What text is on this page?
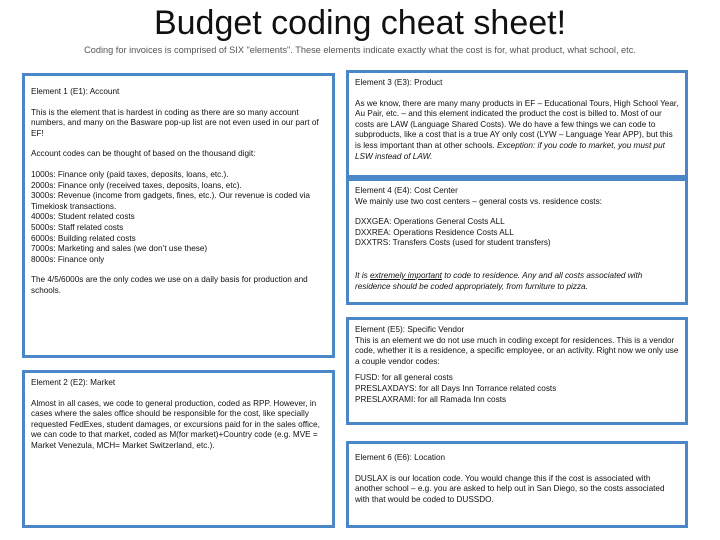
Budget coding cheat sheet!
Coding for invoices is comprised of SIX "elements". These elements indicate exactly what the cost is for, what product, what school, etc.

Element 1 (E1): Account

This is the element that is hardest in coding as there are so many account numbers, and many on the Basware pop-up list are not even used in our part of EF!

Account codes can be thought of based on the thousand digit:

1000s: Finance only (paid taxes, deposits, loans, etc.).

2000s: Finance only (received taxes, deposits, loans, etc).

3000s: Revenue (income from gadgets, fines, etc.). Our revenue is coded via Timekiosk transactions.

4000s: Student related costs

5000s: Staff related costs

6000s: Building related costs

7000s: Marketing and sales (we don’t use these)

8000s: Finance only

The 4/5/6000s are the only codes we use on a daily basis for production and schools.

Element 2 (E2): Market

Almost in all cases, we code to general production, coded as RPP. However, in cases where the sales office should be responsible for the cost, like specially requested FedExes, student damages, or excursions paid for in the sales office, we can code to that market, coded as M(for market)+Country code (e.g. MVE = Market Venezula, MCH= Market Switzerland, etc.).

Element 3 (E3): Product

As we know, there are many many products in EF – Educational Tours, High School Year, Au Pair, etc. – and this element indicated the product the cost is billed to. Most of our costs are LAW (Language Shared Costs). We do have a few things we can code to subproducts, like a cost that is a true AY only cost (LYW – Language Year APP), but this is less important than at other schools. Exception: if you code to market, you must put LSW instead of LAW.

Element 4 (E4): Cost Center

We mainly use two cost centers – general costs vs. residence costs:

DXXGEA: Operations General Costs ALL

DXXREA: Operations Residence Costs ALL

DXXTRS: Transfers Costs (used for student transfers)

It is extremely important to code to residence. Any and all costs associated with residence should be coded appropriately, from furniture to pizza.

Element (E5): Specific Vendor

This is an element we do not use much in coding except for residences. This is a vendor code, whether it is a residence, a specific employee, or an activity. Right now we only use a couple vendor codes:

FUSD: for all general costs

PRESLAXDAYS: for all Days Inn Torrance related costs

PRESLAXRAMI: for all Ramada Inn costs

Element 6 (E6): Location

DUSLAX is our location code. You would change this if the cost is associated with another school – e.g. you are asked to help out in San Diego, so the costs associated with that would be coded to DUSSDO.
